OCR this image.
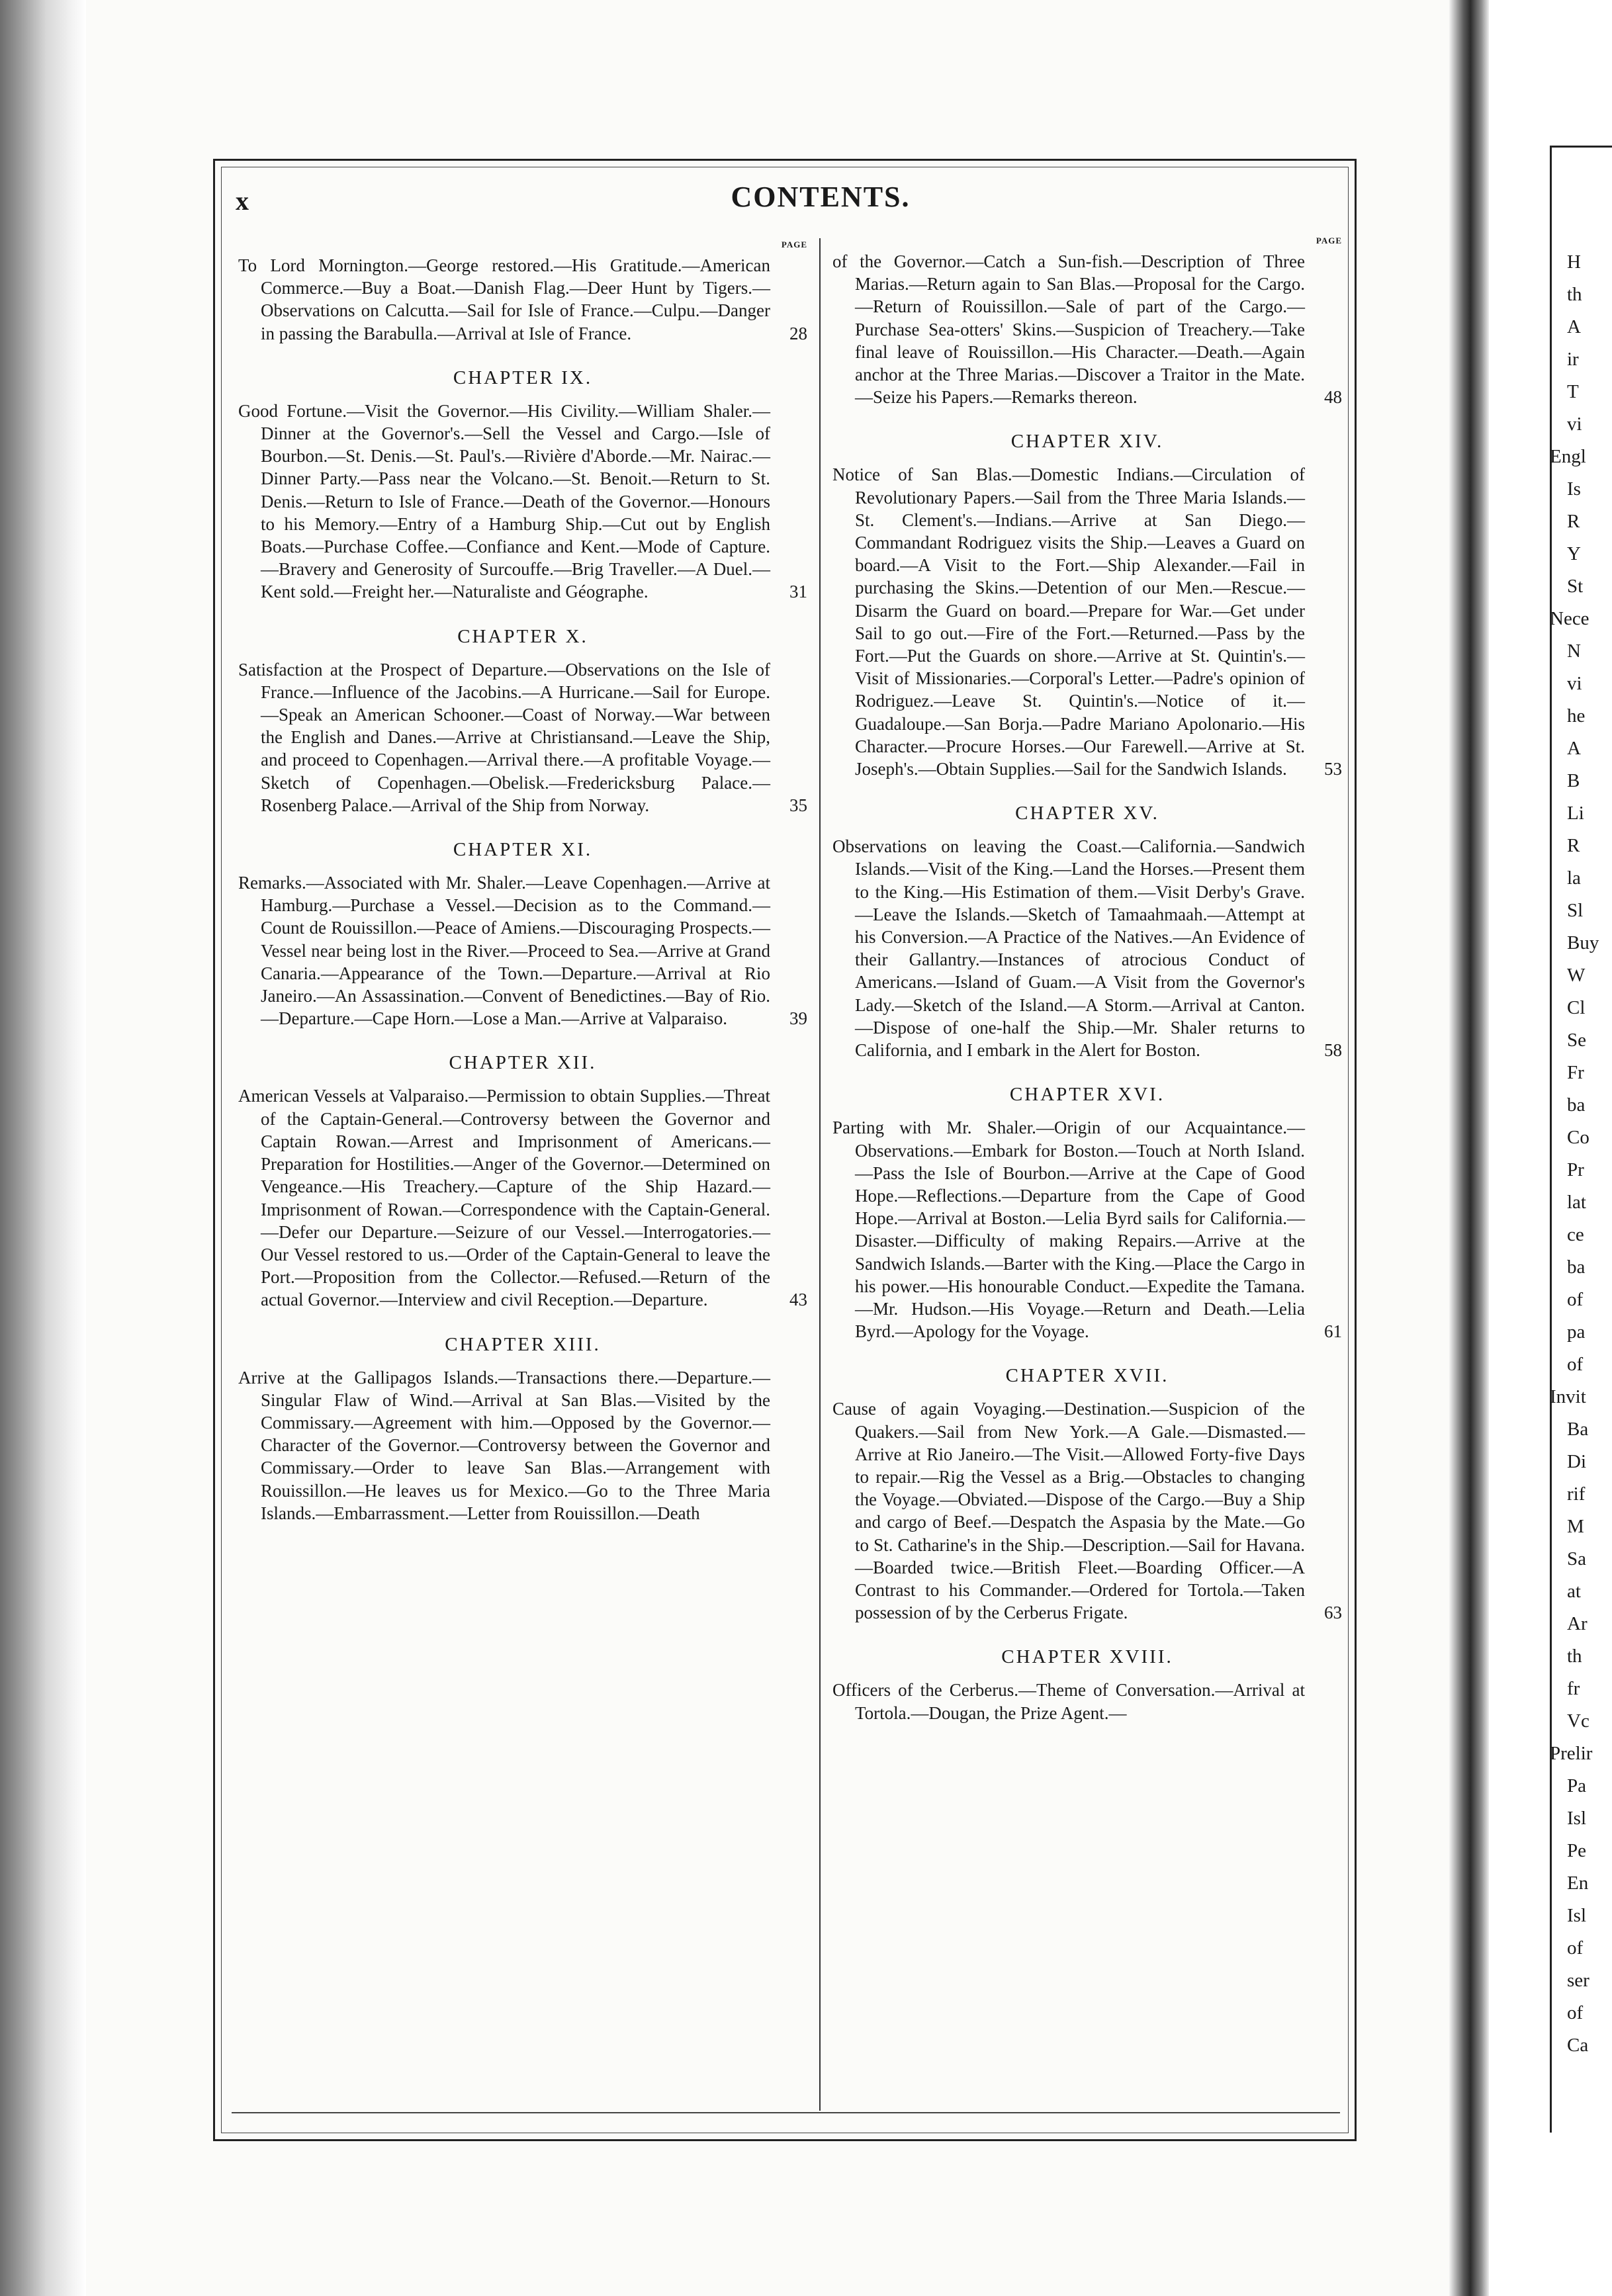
H
th
A
ir
T
vi
Engl
Is
R
Y
St
Nece
N
vi
he
A
B
Li
R
la
Sl
Buy
W
Cl
Se
Fr
ba
Co
Pr
lat
ce
ba
of
pa
of
Invit
Ba
Di
rif
M
Sa
at
Ar
th
fr
Vc
Prelir
Pa
Isl
Pe
En
Isl
of
ser
of
Ca
x	CONTENTS.
PAGE
To Lord Mornington.—George restored.—His Gratitude.—American Commerce.—Buy a Boat.—Danish Flag.—Deer Hunt by Tigers.—Observations on Calcutta.—Sail for Isle of France.—Culpu.—Danger in passing the Barabulla.—Arrival at Isle of France.	28
CHAPTER IX.
Good Fortune.—Visit the Governor.—His Civility.—William Shaler.—Dinner at the Governor's.—Sell the Vessel and Cargo.—Isle of Bourbon.—St. Denis.—St. Paul's.—Rivière d'Aborde.—Mr. Nairac.—Dinner Party.—Pass near the Volcano.—St. Benoit.—Return to St. Denis.—Return to Isle of France.—Death of the Governor.—Honours to his Memory.—Entry of a Hamburg Ship.—Cut out by English Boats.—Purchase Coffee.—Confiance and Kent.—Mode of Capture.—Bravery and Generosity of Surcouffe.—Brig Traveller.—A Duel.—Kent sold.—Freight her.—Naturaliste and Géographe.	31
CHAPTER X.
Satisfaction at the Prospect of Departure.—Observations on the Isle of France.—Influence of the Jacobins.—A Hurricane.—Sail for Europe.—Speak an American Schooner.—Coast of Norway.—War between the English and Danes.—Arrive at Christiansand.—Leave the Ship, and proceed to Copenhagen.—Arrival there.—A profitable Voyage.—Sketch of Copenhagen.—Obelisk.—Fredericksburg Palace.—Rosenberg Palace.—Arrival of the Ship from Norway.	35
CHAPTER XI.
Remarks.—Associated with Mr. Shaler.—Leave Copenhagen.—Arrive at Hamburg.—Purchase a Vessel.—Decision as to the Command.—Count de Rouissillon.—Peace of Amiens.—Discouraging Prospects.—Vessel near being lost in the River.—Proceed to Sea.—Arrive at Grand Canaria.—Appearance of the Town.—Departure.—Arrival at Rio Janeiro.—An Assassination.—Convent of Benedictines.—Bay of Rio.—Departure.—Cape Horn.—Lose a Man.—Arrive at Valparaiso.	39
CHAPTER XII.
American Vessels at Valparaiso.—Permission to obtain Supplies.—Threat of the Captain-General.—Controversy between the Governor and Captain Rowan.—Arrest and Imprisonment of Americans.—Preparation for Hostilities.—Anger of the Governor.—Determined on Vengeance.—His Treachery.—Capture of the Ship Hazard.—Imprisonment of Rowan.—Correspondence with the Captain-General.—Defer our Departure.—Seizure of our Vessel.—Interrogatories.—Our Vessel restored to us.—Order of the Captain-General to leave the Port.—Proposition from the Collector.—Refused.—Return of the actual Governor.—Interview and civil Reception.—Departure.	43
CHAPTER XIII.
Arrive at the Gallipagos Islands.—Transactions there.—Departure.—Singular Flaw of Wind.—Arrival at San Blas.—Visited by the Commissary.—Agreement with him.—Opposed by the Governor.—Character of the Governor.—Controversy between the Governor and Commissary.—Order to leave San Blas.—Arrangement with Rouissillon.—He leaves us for Mexico.—Go to the Three Maria Islands.—Embarrassment.—Letter from Rouissillon.—Death
PAGE
of the Governor.—Catch a Sun-fish.—Description of Three Marias.—Return again to San Blas.—Proposal for the Cargo.—Return of Rouissillon.—Sale of part of the Cargo.—Purchase Sea-otters' Skins.—Suspicion of Treachery.—Take final leave of Rouissillon.—His Character.—Death.—Again anchor at the Three Marias.—Discover a Traitor in the Mate.—Seize his Papers.—Remarks thereon.	48
CHAPTER XIV.
Notice of San Blas.—Domestic Indians.—Circulation of Revolutionary Papers.—Sail from the Three Maria Islands.—St. Clement's.—Indians.—Arrive at San Diego.—Commandant Rodriguez visits the Ship.—Leaves a Guard on board.—A Visit to the Fort.—Ship Alexander.—Fail in purchasing the Skins.—Detention of our Men.—Rescue.—Disarm the Guard on board.—Prepare for War.—Get under Sail to go out.—Fire of the Fort.—Returned.—Pass by the Fort.—Put the Guards on shore.—Arrive at St. Quintin's.—Visit of Missionaries.—Corporal's Letter.—Padre's opinion of Rodriguez.—Leave St. Quintin's.—Notice of it.—Guadaloupe.—San Borja.—Padre Mariano Apolonario.—His Character.—Procure Horses.—Our Farewell.—Arrive at St. Joseph's.—Obtain Supplies.—Sail for the Sandwich Islands. 53
CHAPTER XV.
Observations on leaving the Coast.—California.—Sandwich Islands.—Visit of the King.—Land the Horses.—Present them to the King.—His Estimation of them.—Visit Derby's Grave.—Leave the Islands.—Sketch of Tamaahmaah.—Attempt at his Conversion.—A Practice of the Natives.—An Evidence of their Gallantry.—Instances of atrocious Conduct of Americans.—Island of Guam.—A Visit from the Governor's Lady.—Sketch of the Island.—A Storm.—Arrival at Canton.—Dispose of one-half the Ship.—Mr. Shaler returns to California, and I embark in the Alert for Boston.	58
CHAPTER XVI.
Parting with Mr. Shaler.—Origin of our Acquaintance.—Observations.—Embark for Boston.—Touch at North Island.—Pass the Isle of Bourbon.—Arrive at the Cape of Good Hope.—Reflections.—Departure from the Cape of Good Hope.—Arrival at Boston.—Lelia Byrd sails for California.—Disaster.—Difficulty of making Repairs.—Arrive at the Sandwich Islands.—Barter with the King.—Place the Cargo in his power.—His honourable Conduct.—Expedite the Tamana.—Mr. Hudson.—His Voyage.—Return and Death.—Lelia Byrd.—Apology for the Voyage.	61
CHAPTER XVII.
Cause of again Voyaging.—Destination.—Suspicion of the Quakers.—Sail from New York.—A Gale.—Dismasted.—Arrive at Rio Janeiro.—The Visit.—Allowed Forty-five Days to repair.—Rig the Vessel as a Brig.—Obstacles to changing the Voyage.—Obviated.—Dispose of the Cargo.—Buy a Ship and cargo of Beef.—Despatch the Aspasia by the Mate.—Go to St. Catharine's in the Ship.—Description.—Sail for Havana.—Boarded twice.—British Fleet.—Boarding Officer.—A Contrast to his Commander.—Ordered for Tortola.—Taken possession of by the Cerberus Frigate.	63
CHAPTER XVIII.
Officers of the Cerberus.—Theme of Conversation.—Arrival at Tortola.—Dougan, the Prize Agent.—
